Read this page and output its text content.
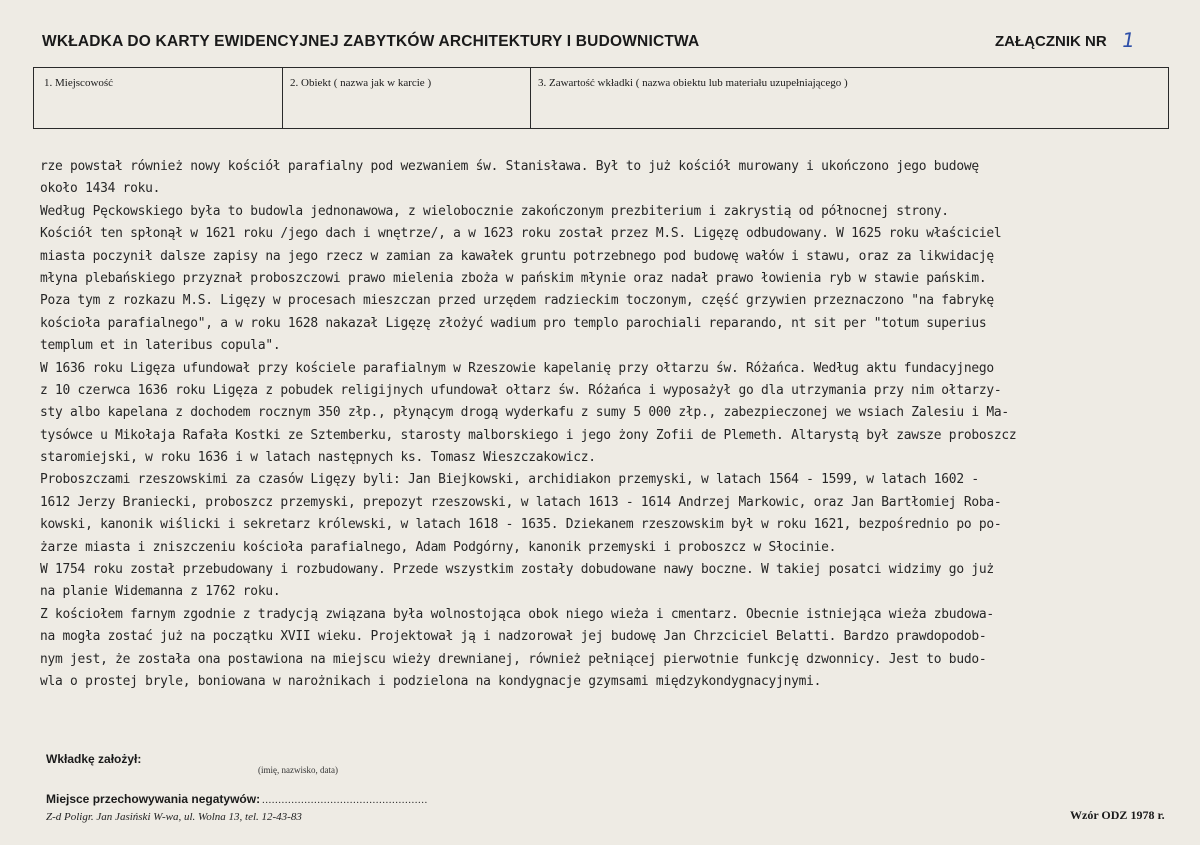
WKŁADKA DO KARTY EWIDENCYJNEJ ZABYTKÓW ARCHITEKTURY I BUDOWNICTWA	ZAŁĄCZNIK NR 1
1. Miejscowość	2. Obiekt ( nazwa jak w karcie )	3. Zawartość wkładki ( nazwa obiektu lub materiału uzupełniającego )
rze powstał również nowy kościół parafialny pod wezwaniem św. Stanisława. Był to już kościół murowany i ukończono jego budowę
około 1434 roku.
Według Pęckowskiego była to budowla jednonawowa, z wielobocznie zakończonym prezbiterium i zakrystią od północnej strony.
Kościół ten spłonął w 1621 roku /jego dach i wnętrze/, a w 1623 roku został przez M.S. Ligęzę odbudowany. W 1625 roku właściciel
miasta poczynił dalsze zapisy na jego rzecz w zamian za kawałek gruntu potrzebnego pod budowę wałów i stawu, oraz za likwidację
młyna plebańskiego przyznał proboszczowi prawo mielenia zboża w pańskim młynie oraz nadał prawo łowienia ryb w stawie pańskim.
Poza tym z rozkazu M.S. Ligęzy w procesach mieszczan przed urzędem radzieckim toczonym, część grzywien przeznaczono "na fabrykę
kościoła parafialnego", a w roku 1628 nakazał Ligęzę złożyć wadium pro templo parochiali reparando, nt sit per "totum superius
templum et in lateribus copula".
W 1636 roku Ligęza ufundował przy kościele parafialnym w Rzeszowie kapelanię przy ołtarzu św. Różańca. Według aktu fundacyjnego
z 10 czerwca 1636 roku Ligęza z pobudek religijnych ufundował ołtarz św. Różańca i wyposażył go dla utrzymania przy nim ołtarzy-
sty albo kapelana z dochodem rocznym 350 złp., płynącym drogą wyderkafu z sumy 5 000 złp., zabezpieczonej we wsiach Zalesiu i Ma-
tysówce u Mikołaja Rafała Kostki ze Sztemberku, starosty malborskiego i jego żony Zofii de Plemeth. Altarystą był zawsze proboszcz
staromiejski, w roku 1636 i w latach następnych ks. Tomasz Wieszczakowicz.
Proboszczami rzeszowskimi za czasów Ligęzy byli: Jan Biejkowski, archidiakon przemyski, w latach 1564 - 1599, w latach 1602 -
1612 Jerzy Braniecki, proboszcz przemyski, prepozyt rzeszowski, w latach 1613 - 1614 Andrzej Markowic, oraz Jan Bartłomiej Roba-
kowski, kanonik wiślicki i sekretarz królewski, w latach 1618 - 1635. Dziekanem rzeszowskim był w roku 1621, bezpośrednio po po-
żarze miasta i zniszczeniu kościoła parafialnego, Adam Podgórny, kanonik przemyski i proboszcz w Słocinie.
W 1754 roku został przebudowany i rozbudowany. Przede wszystkim zostały dobudowane nawy boczne. W takiej posatci widzimy go już
na planie Widemanna z 1762 roku.
Z kościołem farnym zgodnie z tradycją związana była wolnostojąca obok niego wieża i cmentarz. Obecnie istniejąca wieża zbudowa-
na mogła zostać już na początku XVII wieku. Projektował ją i nadzorował jej budowę Jan Chrzciciel Belatti. Bardzo prawdopodob-
nym jest, że została ona postawiona na miejscu wieży drewnianej, również pełniącej pierwotnie funkcję dzwonnicy. Jest to budo-
wla o prostej bryle, boniowana w narożnikach i podzielona na kondygnacje gzymsami międzykondygnacyjnymi.
Wkładkę założył:
(imię, nazwisko, data)
Miejsce przechowywania negatywów: ...................................................
Z-d Poligr. Jan Jasiński W-wa, ul. Wolna 13, tel. 12-43-83	Wzór ODZ 1978 r.
